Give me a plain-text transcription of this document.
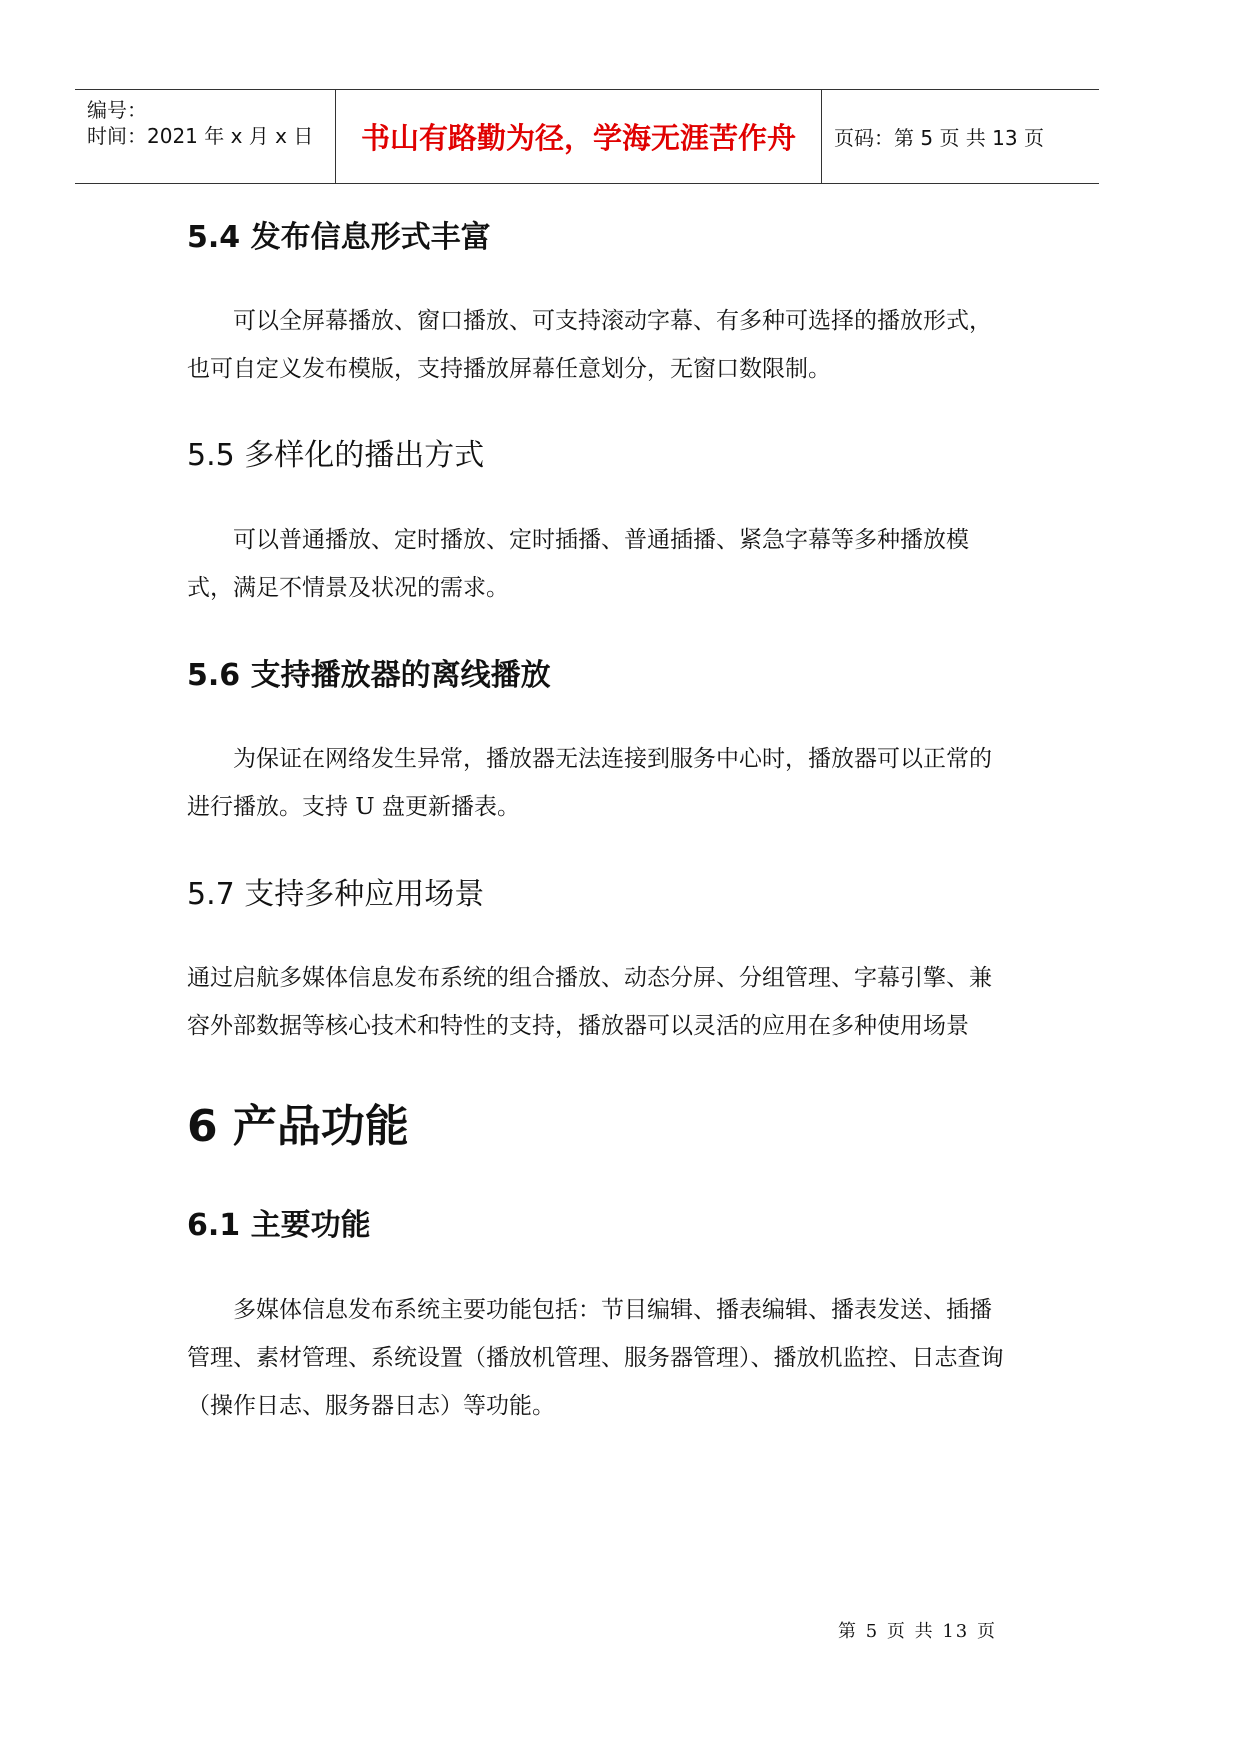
编号：
时间：2021 年 x 月 x 日	书山有路勤为径，学海无涯苦作舟	页码：第 5 页 共 13 页
5.4 发布信息形式丰富

可以全屏幕播放、窗口播放、可支持滚动字幕、有多种可选择的播放形式，也可自定义发布模版，支持播放屏幕任意划分，无窗口数限制。

5.5 多样化的播出方式

可以普通播放、定时播放、定时插播、普通插播、紧急字幕等多种播放模式，满足不情景及状况的需求。

5.6 支持播放器的离线播放

为保证在网络发生异常，播放器无法连接到服务中心时，播放器可以正常的进行播放。支持 U 盘更新播表。

5.7 支持多种应用场景

通过启航多媒体信息发布系统的组合播放、动态分屏、分组管理、字幕引擎、兼容外部数据等核心技术和特性的支持，播放器可以灵活的应用在多种使用场景

6 产品功能
6.1 主要功能

多媒体信息发布系统主要功能包括：节目编辑、播表编辑、播表发送、插播管理、素材管理、系统设置（播放机管理、服务器管理）、播放机监控、日志查询（操作日志、服务器日志）等功能。

第 5 页 共 13 页
